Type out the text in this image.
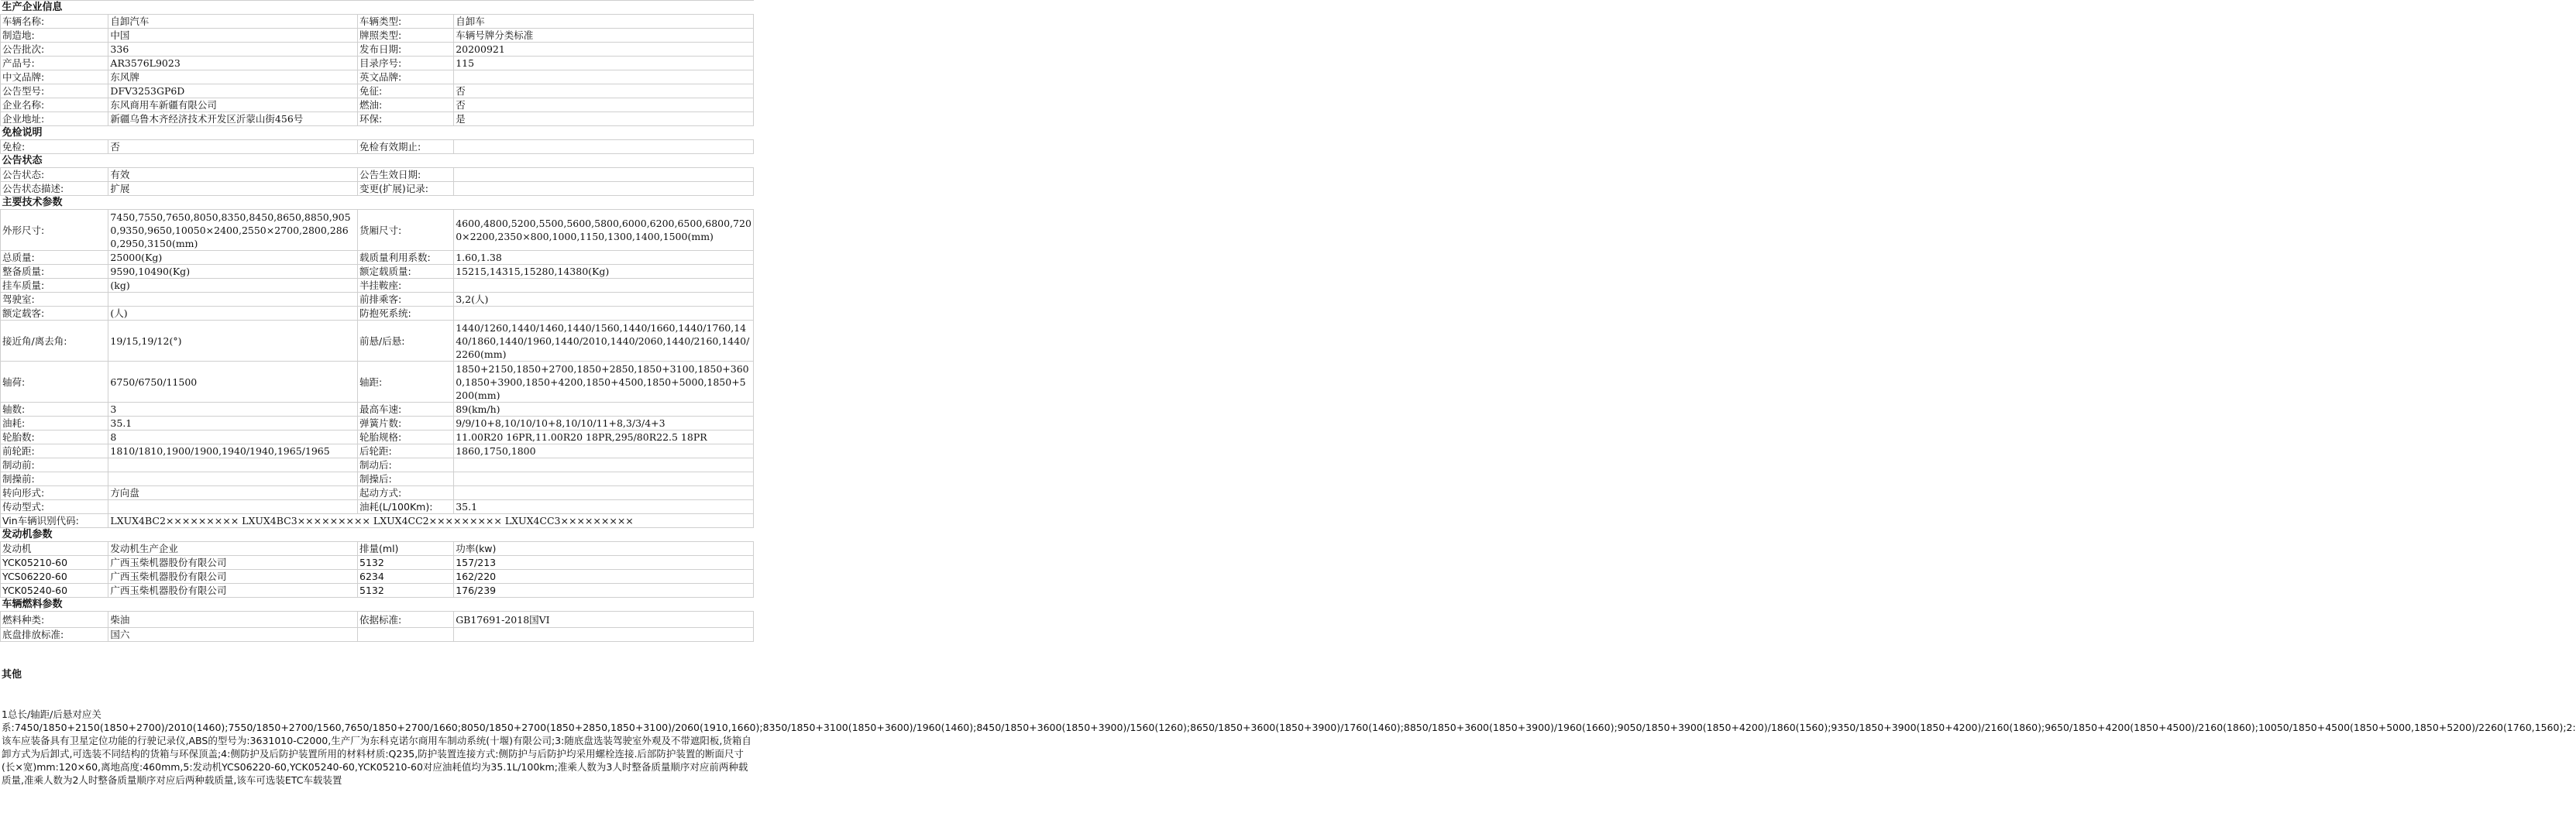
生产企业信息			
车辆名称:	自卸汽车	车辆类型:	自卸车
制造地:	中国	牌照类型:	车辆号牌分类标准
公告批次:	336	发布日期:	20200921
产品号:	AR3576L9023	目录序号:	115
中文品牌:	东风牌	英文品牌:	
公告型号:	DFV3253GP6D	免征:	否
企业名称:	东风商用车新疆有限公司	燃油:	否
企业地址:	新疆乌鲁木齐经济技术开发区沂蒙山街456号	环保:	是
免检说明			
免检:	否	免检有效期止:	
公告状态			
公告状态:	有效	公告生效日期:	
公告状态描述:	扩展	变更(扩展)记录:	
主要技术参数			
外形尺寸:	7450,7550,7650,8050,8350,8450,8650,8850,9050,9350,9650,10050×2400,2550×2700,2800,2860,2950,3150(mm)	货厢尺寸:	4600,4800,5200,5500,5600,5800,6000,6200,6500,6800,7200×2200,2350×800,1000,1150,1300,1400,1500(mm)
总质量:	25000(Kg)	载质量利用系数:	1.60,1.38
整备质量:	9590,10490(Kg)	额定载质量:	15215,14315,15280,14380(Kg)
挂车质量:	(kg)	半挂鞍座:	
驾驶室:		前排乘客:	3,2(人)
额定载客:	(人)	防抱死系统:	
接近角/离去角:	19/15,19/12(°)	前悬/后悬:	1440/1260,1440/1460,1440/1560,1440/1660,1440/1760,1440/1860,1440/1960,1440/2010,1440/2060,1440/2160,1440/2260(mm)
轴荷:	6750/6750/11500	轴距:	1850+2150,1850+2700,1850+2850,1850+3100,1850+3600,1850+3900,1850+4200,1850+4500,1850+5000,1850+5200(mm)
轴数:	3	最高车速:	89(km/h)
油耗:	35.1	弹簧片数:	9/9/10+8,10/10/10+8,10/10/11+8,3/3/4+3
轮胎数:	8	轮胎规格:	11.00R20 16PR,11.00R20 18PR,295/80R22.5 18PR
前轮距:	1810/1810,1900/1900,1940/1940,1965/1965	后轮距:	1860,1750,1800
制动前:		制动后:	
制操前:		制操后:	
转向形式:	方向盘	起动方式:	
传动型式:		油耗(L/100Km):	35.1
Vin车辆识别代码:	LXUX4BC2××××××××× LXUX4BC3××××××××× LXUX4CC2××××××××× LXUX4CC3×××××××××		
发动机参数			
发动机	发动机生产企业	排量(ml)	功率(kw)
YCK05210-60	广西玉柴机器股份有限公司	5132	157/213
YCS06220-60	广西玉柴机器股份有限公司	6234	162/220
YCK05240-60	广西玉柴机器股份有限公司	5132	176/239
车辆燃料参数			
燃料种类:	柴油	依据标准:	GB17691-2018国VI
底盘排放标准:	国六		

其他

1总长/轴距/后悬对应关系:7450/1850+2150(1850+2700)/2010(1460);7550/1850+2700/1560,7650/1850+2700/1660;8050/1850+2700(1850+2850,1850+3100)/2060(1910,1660);8350/1850+3100(1850+3600)/1960(1460);8450/1850+3600(1850+3900)/1560(1260);8650/1850+3600(1850+3900)/1760(1460);8850/1850+3600(1850+3900)/1960(1660);9050/1850+3900(1850+4200)/1860(1560);9350/1850+3900(1850+4200)/2160(1860);9650/1850+4200(1850+4500)/2160(1860);10050/1850+4500(1850+5000,1850+5200)/2260(1760,1560);2:该车应装备具有卫星定位功能的行驶记录仪,ABS的型号为:3631010-C2000,生产厂为东科克诺尔商用车制动系统(十堰)有限公司;3:随底盘选装驾驶室外观及不带遮阳板,货箱自卸方式为后卸式,可选装不同结构的货箱与环保顶盖;4:侧防护及后防护装置所用的材料材质:Q235,防护装置连接方式:侧防护与后防护均采用螺栓连接.后部防护装置的断面尺寸(长×宽)mm:120×60,离地高度:460mm,5:发动机YCS06220-60,YCK05240-60,YCK05210-60对应油耗值均为35.1L/100km;准乘人数为3人时整备质量顺序对应前两种载质量,准乘人数为2人时整备质量顺序对应后两种载质量,该车可选装ETC车载装置
